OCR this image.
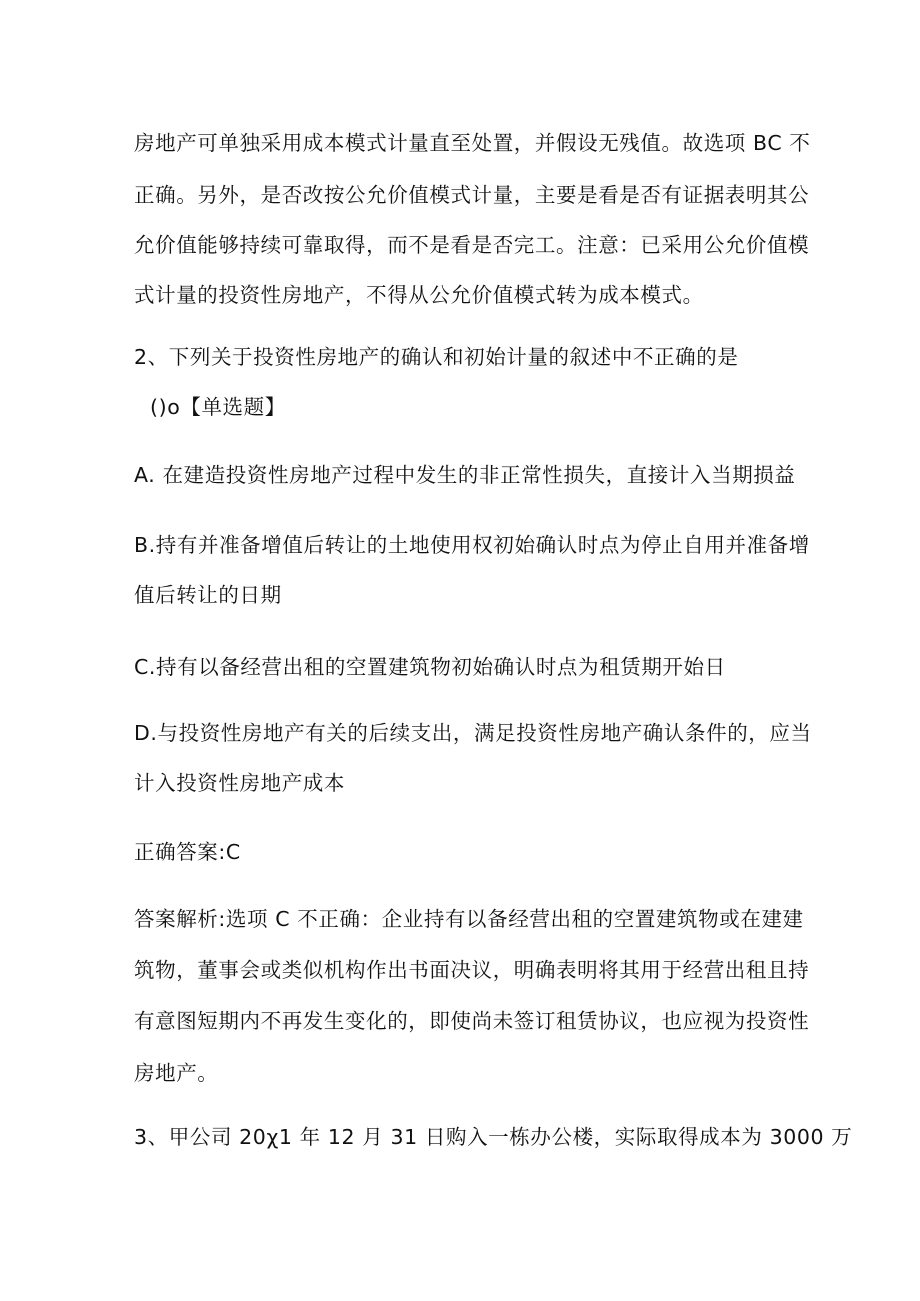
房地产可单独采用成本模式计量直至处置，并假设无残值。故选项 BC 不
正确。另外，是否改按公允价值模式计量，主要是看是否有证据表明其公
允价值能够持续可靠取得，而不是看是否完工。注意：已采用公允价值模
式计量的投资性房地产，不得从公允价值模式转为成本模式。
2、下列关于投资性房地产的确认和初始计量的叙述中不正确的是
()o【单选题】
A. 在建造投资性房地产过程中发生的非正常性损失，直接计入当期损益
B.持有并准备增值后转让的土地使用权初始确认时点为停止自用并准备增
值后转让的日期
C.持有以备经营出租的空置建筑物初始确认时点为租赁期开始日
D.与投资性房地产有关的后续支出，满足投资性房地产确认条件的，应当
计入投资性房地产成本
正确答案:C
答案解析:选项 C 不正确：企业持有以备经营出租的空置建筑物或在建建
筑物，董事会或类似机构作出书面决议，明确表明将其用于经营出租且持
有意图短期内不再发生变化的，即使尚未签订租赁协议，也应视为投资性
房地产。
3、甲公司 20χ1 年 12 月 31 日购入一栋办公楼，实际取得成本为 3000 万
